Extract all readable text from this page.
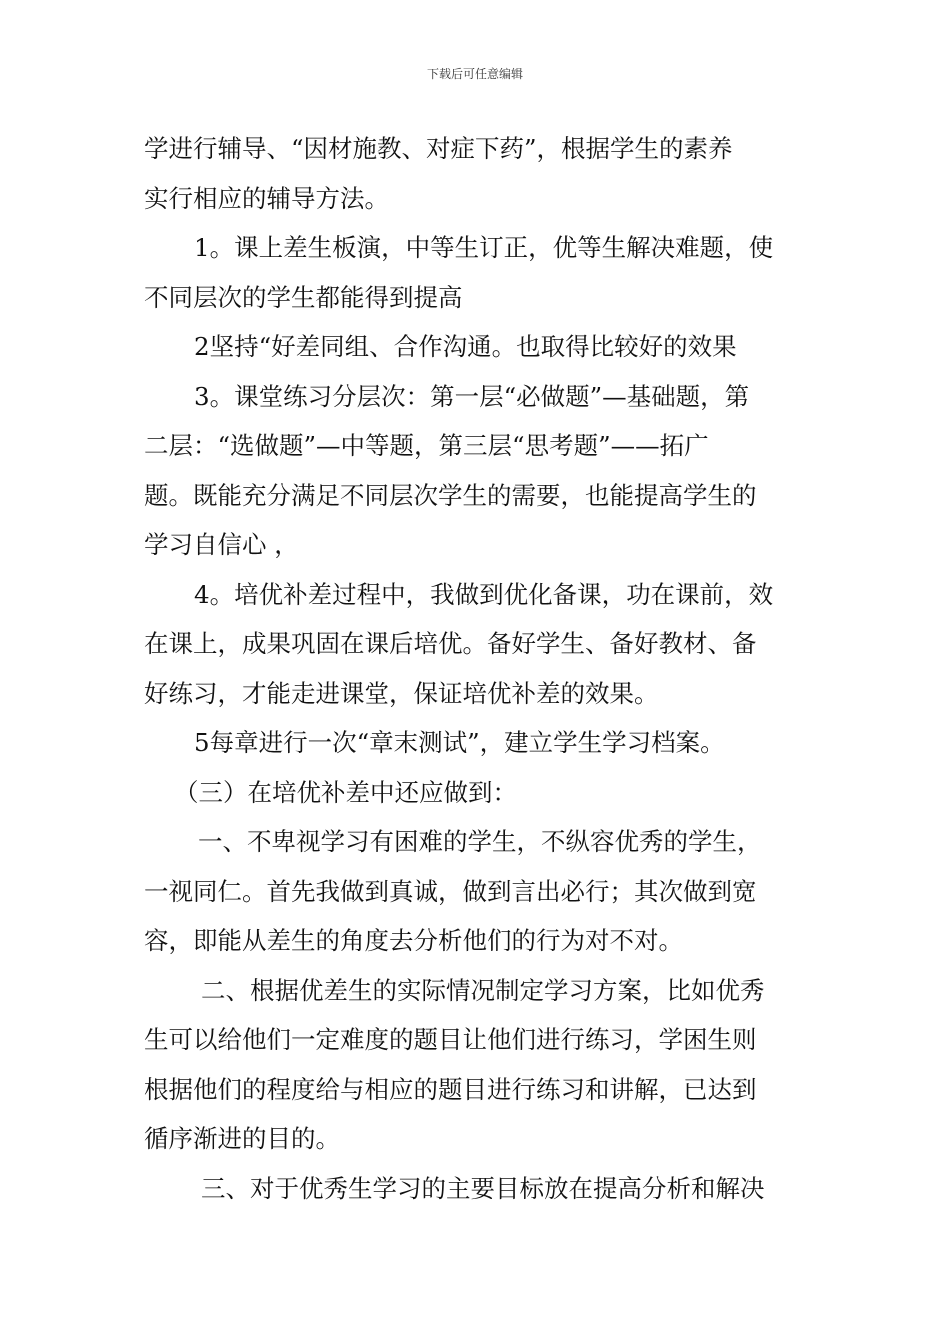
下载后可任意编辑
学进行辅导、“因材施教、对症下药”，根据学生的素养
实行相应的辅导方法。
1。课上差生板演，中等生订正，优等生解决难题，使
不同层次的学生都能得到提高
2坚持“好差同组、合作沟通。也取得比较好的效果
3。课堂练习分层次：第一层“必做题”—基础题，第
二层：“选做题”—中等题，第三层“思考题”——拓广
题。既能充分满足不同层次学生的需要，也能提高学生的
学习自信心 ，
4。培优补差过程中，我做到优化备课，功在课前，效
在课上，成果巩固在课后培优。备好学生、备好教材、备
好练习，才能走进课堂，保证培优补差的效果。
5每章进行一次“章末测试”，建立学生学习档案。
（三）在培优补差中还应做到：
一、不卑视学习有困难的学生，不纵容优秀的学生，
一视同仁。首先我做到真诚，做到言出必行；其次做到宽
容，即能从差生的角度去分析他们的行为对不对。
二、根据优差生的实际情况制定学习方案，比如优秀
生可以给他们一定难度的题目让他们进行练习，学困生则
根据他们的程度给与相应的题目进行练习和讲解，已达到
循序渐进的目的。
三、对于优秀生学习的主要目标放在提高分析和解决
